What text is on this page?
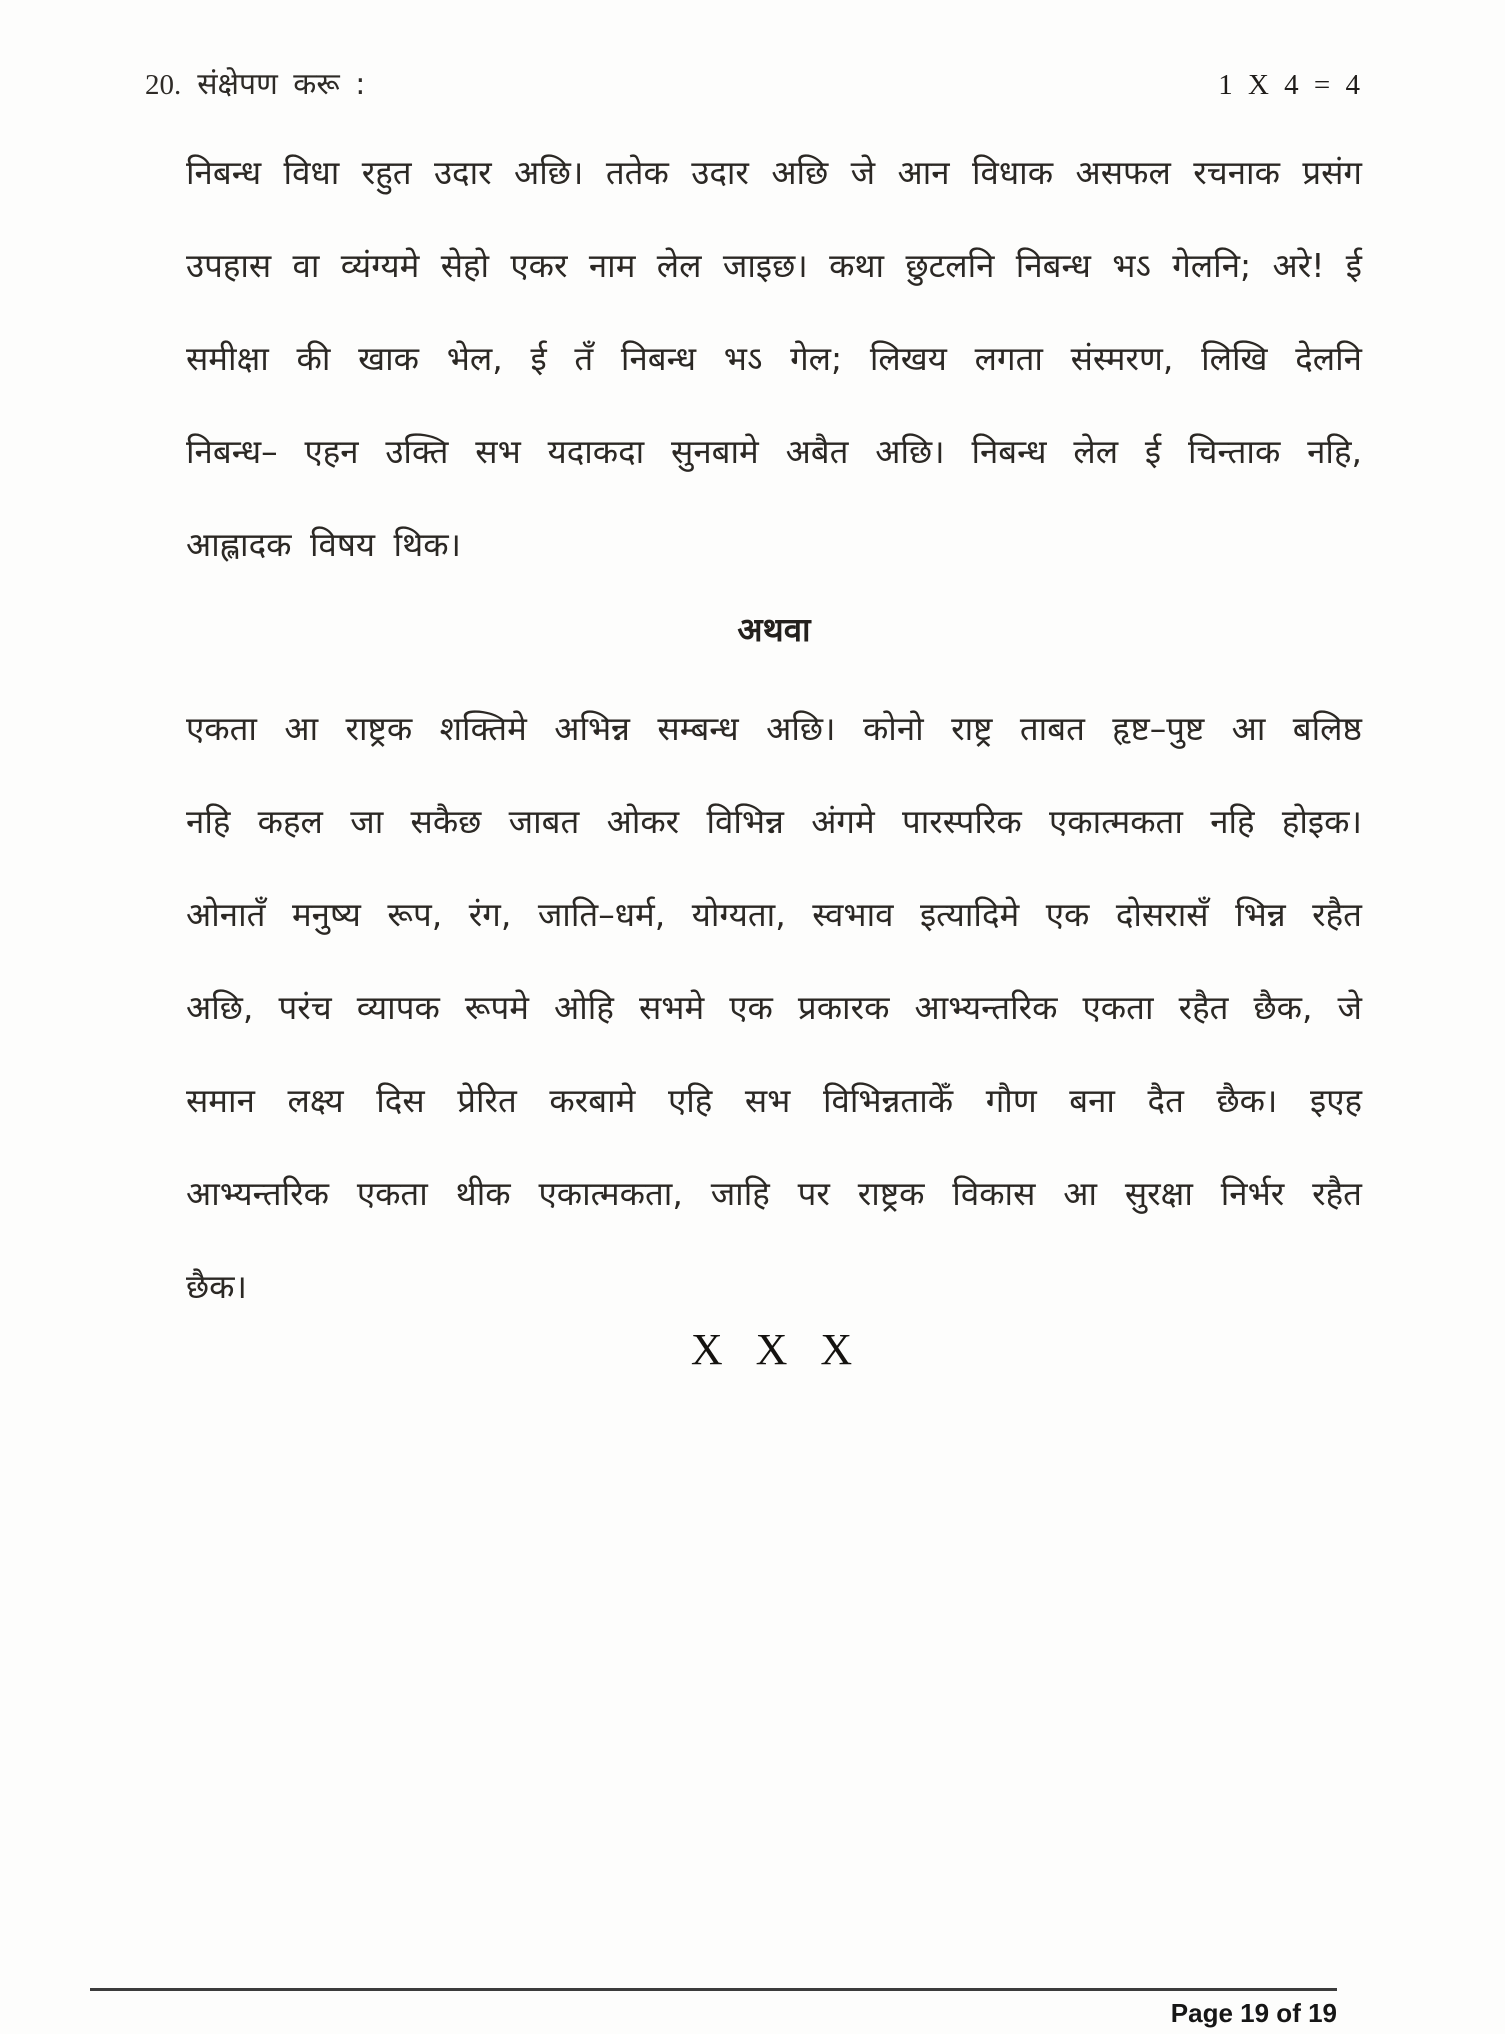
20. संक्षेपण करू :	1 X 4 = 4
निबन्ध विधा रहुत उदार अछि। ततेक उदार अछि जे आन विधाक असफल रचनाक प्रसंग
उपहास वा व्यंग्यमे सेहो एकर नाम लेल जाइछ। कथा छुटलनि निबन्ध भऽ गेलनि; अरे! ई
समीक्षा की खाक भेल, ई तँ निबन्ध भऽ गेल; लिखय लगता संस्मरण, लिखि देलनि
निबन्ध– एहन उक्ति सभ यदाकदा सुनबामे अबैत अछि। निबन्ध लेल ई चिन्ताक नहि,
आह्लादक विषय थिक।
अथवा
एकता आ राष्ट्रक शक्तिमे अभिन्न सम्बन्ध अछि। कोनो राष्ट्र ताबत हृष्ट–पुष्ट आ बलिष्ठ
नहि कहल जा सकैछ जाबत ओकर विभिन्न अंगमे पारस्परिक एकात्मकता नहि होइक।
ओनातँ मनुष्य रूप, रंग, जाति–धर्म, योग्यता, स्वभाव इत्यादिमे एक दोसरासँ भिन्न रहैत
अछि, परंच व्यापक रूपमे ओहि सभमे एक प्रकारक आभ्यन्तरिक एकता रहैत छैक, जे
समान लक्ष्य दिस प्रेरित करबामे एहि सभ विभिन्नताकेँ गौण बना दैत छैक। इएह
आभ्यन्तरिक एकता थीक एकात्मकता, जाहि पर राष्ट्रक विकास आ सुरक्षा निर्भर रहैत
छैक।
X X X
Page 19 of 19
